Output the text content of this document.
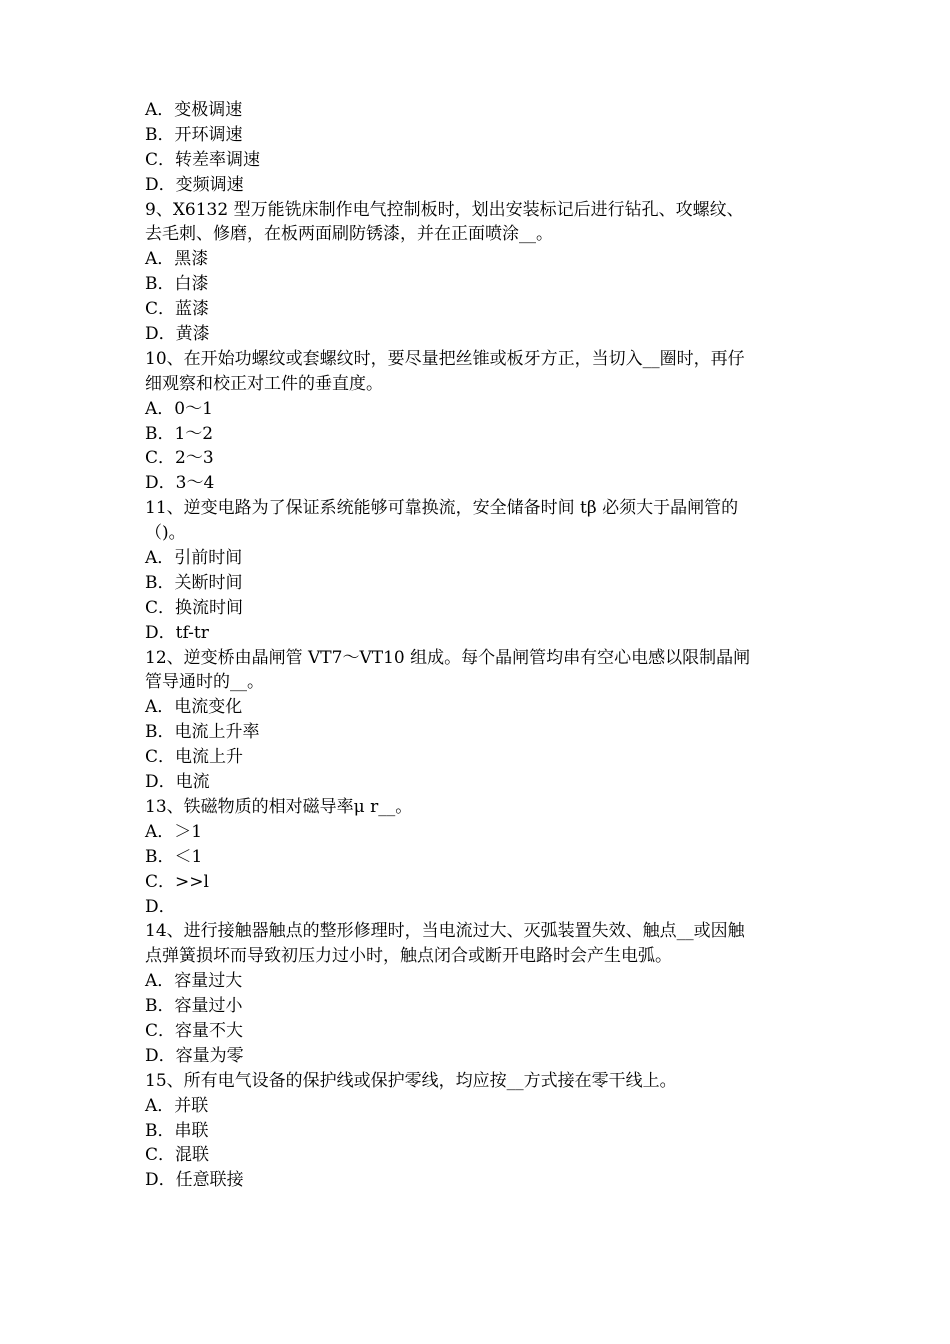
A．变极调速
B．开环调速
C．转差率调速
D．变频调速
9、X6132 型万能铣床制作电气控制板时，划出安装标记后进行钻孔、攻螺纹、
去毛刺、修磨，在板两面刷防锈漆，并在正面喷涂__。
A．黑漆
B．白漆
C．蓝漆
D．黄漆
10、在开始功螺纹或套螺纹时，要尽量把丝锥或板牙方正，当切入__圈时，再仔
细观察和校正对工件的垂直度。
A．0～1
B．1～2
C．2～3
D．3～4
11、逆变电路为了保证系统能够可靠换流，安全储备时间 tβ 必须大于晶闸管的
（)。
A．引前时间
B．关断时间
C．换流时间
D．tf-tr
12、逆变桥由晶闸管 VT7～VT10 组成。每个晶闸管均串有空心电感以限制晶闸
管导通时的__。
A．电流变化
B．电流上升率
C．电流上升
D．电流
13、铁磁物质的相对磁导率μ r__。
A．＞1
B．＜1
C．>>l
D．
14、进行接触器触点的整形修理时，当电流过大、灭弧装置失效、触点__或因触
点弹簧损坏而导致初压力过小时，触点闭合或断开电路时会产生电弧。
A．容量过大
B．容量过小
C．容量不大
D．容量为零
15、所有电气设备的保护线或保护零线，均应按__方式接在零干线上。
A．并联
B．串联
C．混联
D．任意联接
